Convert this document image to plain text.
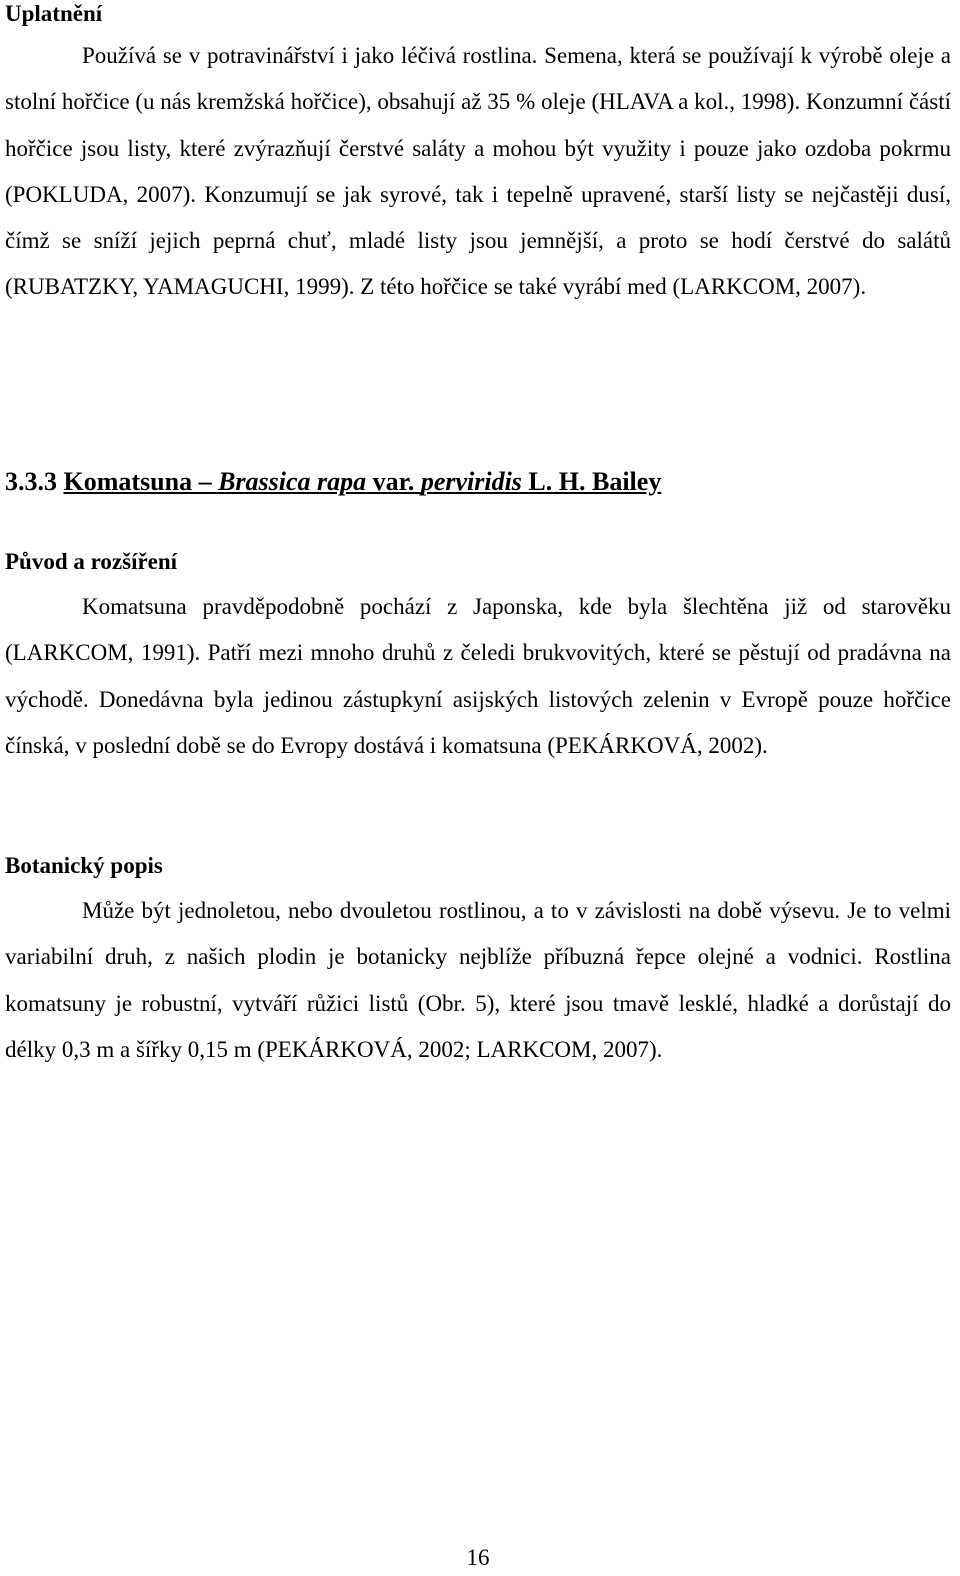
Uplatnění

Používá se v potravinářství i jako léčivá rostlina. Semena, která se používají k výrobě oleje a stolní hořčice (u nás kremžská hořčice), obsahují až 35 % oleje (HLAVA a kol., 1998). Konzumní částí hořčice jsou listy, které zvýrazňují čerstvé saláty a mohou být využity i pouze jako ozdoba pokrmu (POKLUDA, 2007). Konzumují se jak syrové, tak i tepelně upravené, starší listy se nejčastěji dusí, čímž se sníží jejich peprná chuť, mladé listy jsou jemnější, a proto se hodí čerstvé do salátů (RUBATZKY, YAMAGUCHI, 1999). Z této hořčice se také vyrábí med (LARKCOM, 2007).

3.3.3 Komatsuna – Brassica rapa var. perviridis L. H. Bailey
Původ a rozšíření

Komatsuna pravděpodobně pochází z Japonska, kde byla šlechtěna již od starověku (LARKCOM, 1991). Patří mezi mnoho druhů z čeledi brukvovitých, které se pěstují od pradávna na východě. Donedávna byla jedinou zástupkyní asijských listových zelenin v Evropě pouze hořčice čínská, v poslední době se do Evropy dostává i komatsuna (PEKÁRKOVÁ, 2002).

Botanický popis

Může být jednoletou, nebo dvouletou rostlinou, a to v závislosti na době výsevu. Je to velmi variabilní druh, z našich plodin je botanicky nejblíže příbuzná řepce olejné a vodnici. Rostlina komatsuny je robustní, vytváří růžici listů (Obr. 5), které jsou tmavě lesklé, hladké a dorůstají do délky 0,3 m a šířky 0,15 m (PEKÁRKOVÁ, 2002; LARKCOM, 2007).

16
